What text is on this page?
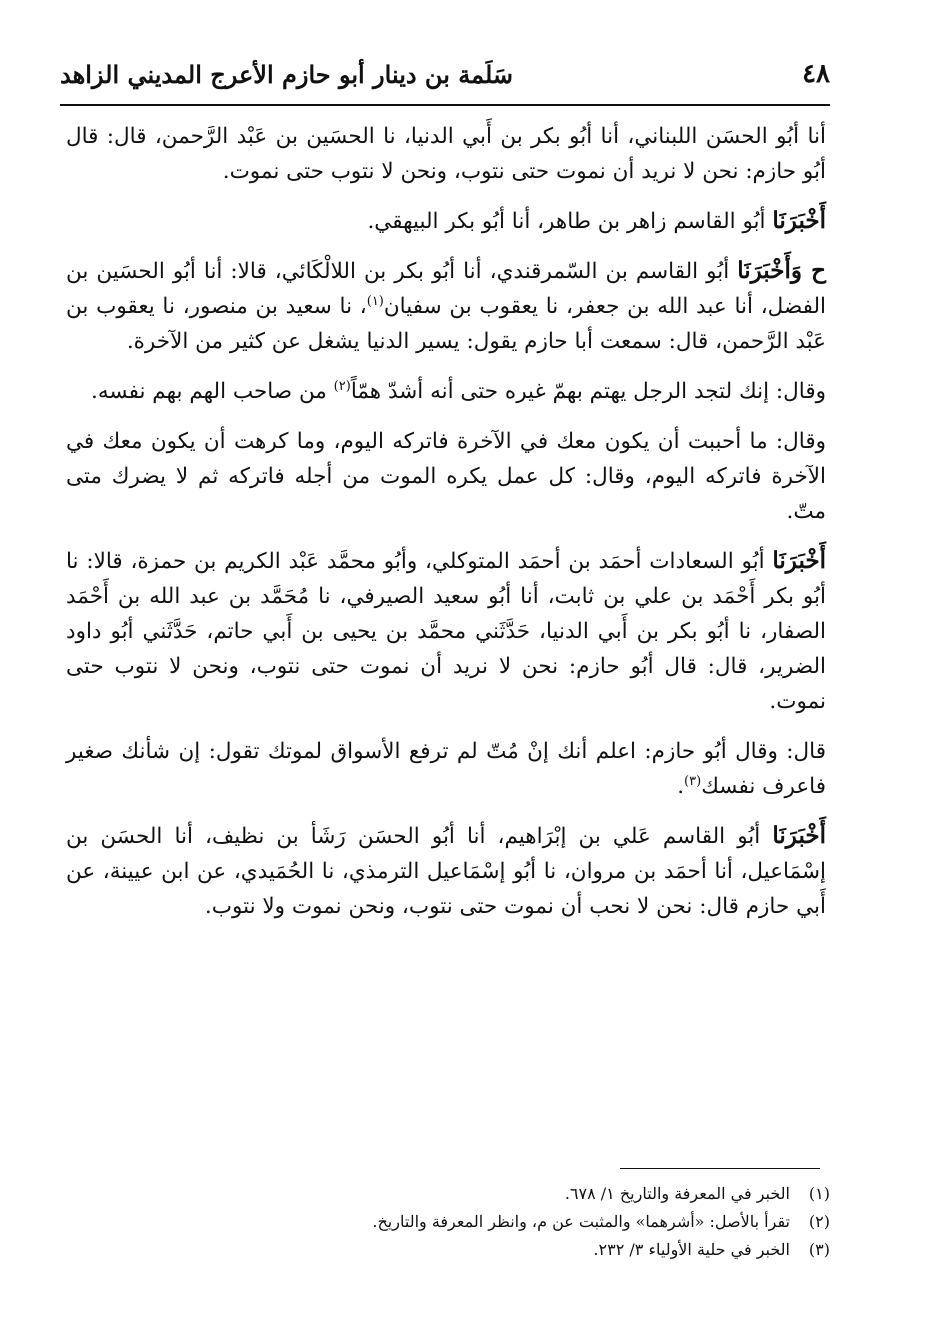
٤٨
سَلَمة بن دينار أبو حازم الأعرج المديني الزاهد

أنا أبُو الحسَن اللبناني، أنا أبُو بكر بن أَبي الدنيا، نا الحسَين بن عَبْد الرَّحمن، قال: قال أبُو حازم: نحن لا نريد أن نموت حتى نتوب، ونحن لا نتوب حتى نموت.

أَخْبَرَنَا أبُو القاسم زاهر بن طاهر، أنا أبُو بكر البيهقي.

ح وَأَخْبَرَنَا أبُو القاسم بن السّمرقندي، أنا أبُو بكر بن اللالْكَائي، قالا: أنا أبُو الحسَين بن الفضل، أنا عبد الله بن جعفر، نا يعقوب بن سفيان$^{(١)}$، نا سعيد بن منصور، نا يعقوب بن عَبْد الرَّحمن، قال: سمعت أبا حازم يقول: يسير الدنيا يشغل عن كثير من الآخرة.

وقال: إنك لتجد الرجل يهتم بهمّ غيره حتى أنه أشدّ همّاً$^{(٢)}$ من صاحب الهم بهم نفسه.

وقال: ما أحببت أن يكون معك في الآخرة فاتركه اليوم، وما كرهت أن يكون معك في الآخرة فاتركه اليوم، وقال: كل عمل يكره الموت من أجله فاتركه ثم لا يضرك متى متّ.

أَخْبَرَنَا أبُو السعادات أحمَد بن أحمَد المتوكلي، وأبُو محمَّد عَبْد الكريم بن حمزة، قالا: نا أبُو بكر أَحْمَد بن علي بن ثابت، أنا أبُو سعيد الصيرفي، نا مُحَمَّد بن عبد الله بن أَحْمَد الصفار، نا أبُو بكر بن أَبي الدنيا، حَدَّثَني محمَّد بن يحيى بن أَبي حاتم، حَدَّثَني أبُو داود الضرير، قال: قال أبُو حازم: نحن لا نريد أن نموت حتى نتوب، ونحن لا نتوب حتى نموت.

قال: وقال أبُو حازم: اعلم أنك إنْ مُتّ لم ترفع الأسواق لموتك تقول: إن شأنك صغير فاعرف نفسك$^{(٣)}$.

أَخْبَرَنَا أبُو القاسم عَلي بن إبْرَاهيم، أنا أبُو الحسَن رَشَأ بن نظيف، أنا الحسَن بن إسْمَاعيل، أنا أحمَد بن مروان، نا أبُو إسْمَاعيل الترمذي، نا الحُمَيدي، عن ابن عيينة، عن أَبي حازم قال: نحن لا نحب أن نموت حتى نتوب، ونحن نموت ولا نتوب.

(١)
الخبر في المعرفة والتاريخ ١/ ٦٧٨.
(٢)
تقرأ بالأصل: «أشرهما» والمثبت عن م، وانظر المعرفة والتاريخ.
(٣)
الخبر في حلية الأولياء ٣/ ٢٣٢.
